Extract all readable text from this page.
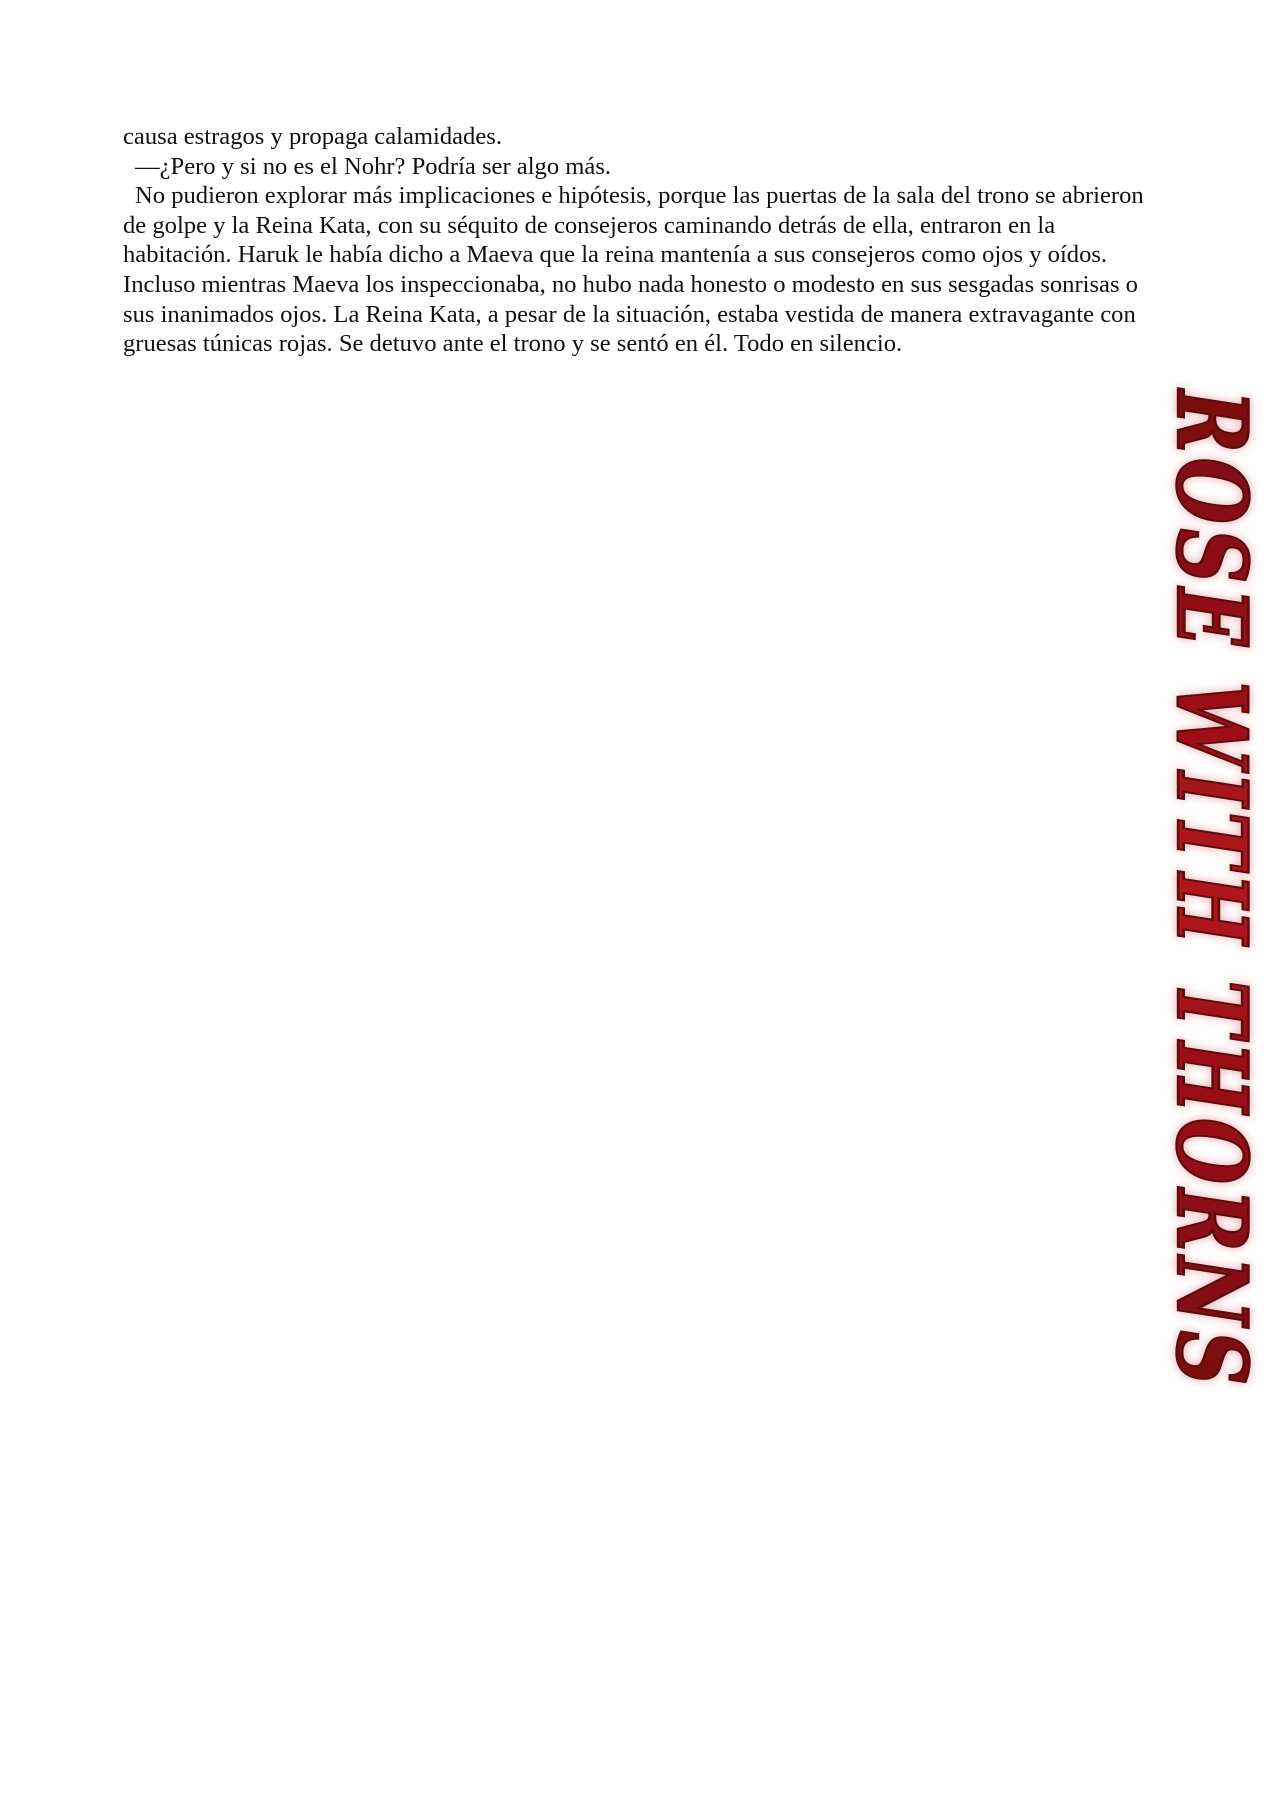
causa estragos y propaga calamidades.

—¿Pero y si no es el Nohr? Podría ser algo más.

No pudieron explorar más implicaciones e hipótesis, porque las puertas de la sala del trono se abrieron de golpe y la Reina Kata, con su séquito de consejeros caminando detrás de ella, entraron en la habitación. Haruk le había dicho a Maeva que la reina mantenía a sus consejeros como ojos y oídos. Incluso mientras Maeva los inspeccionaba, no hubo nada honesto o modesto en sus sesgadas sonrisas o sus inanimados ojos. La Reina Kata, a pesar de la situación, estaba vestida de manera extravagante con gruesas túnicas rojas. Se detuvo ante el trono y se sentó en él. Todo en silencio.

ROSE WITH THORNS
